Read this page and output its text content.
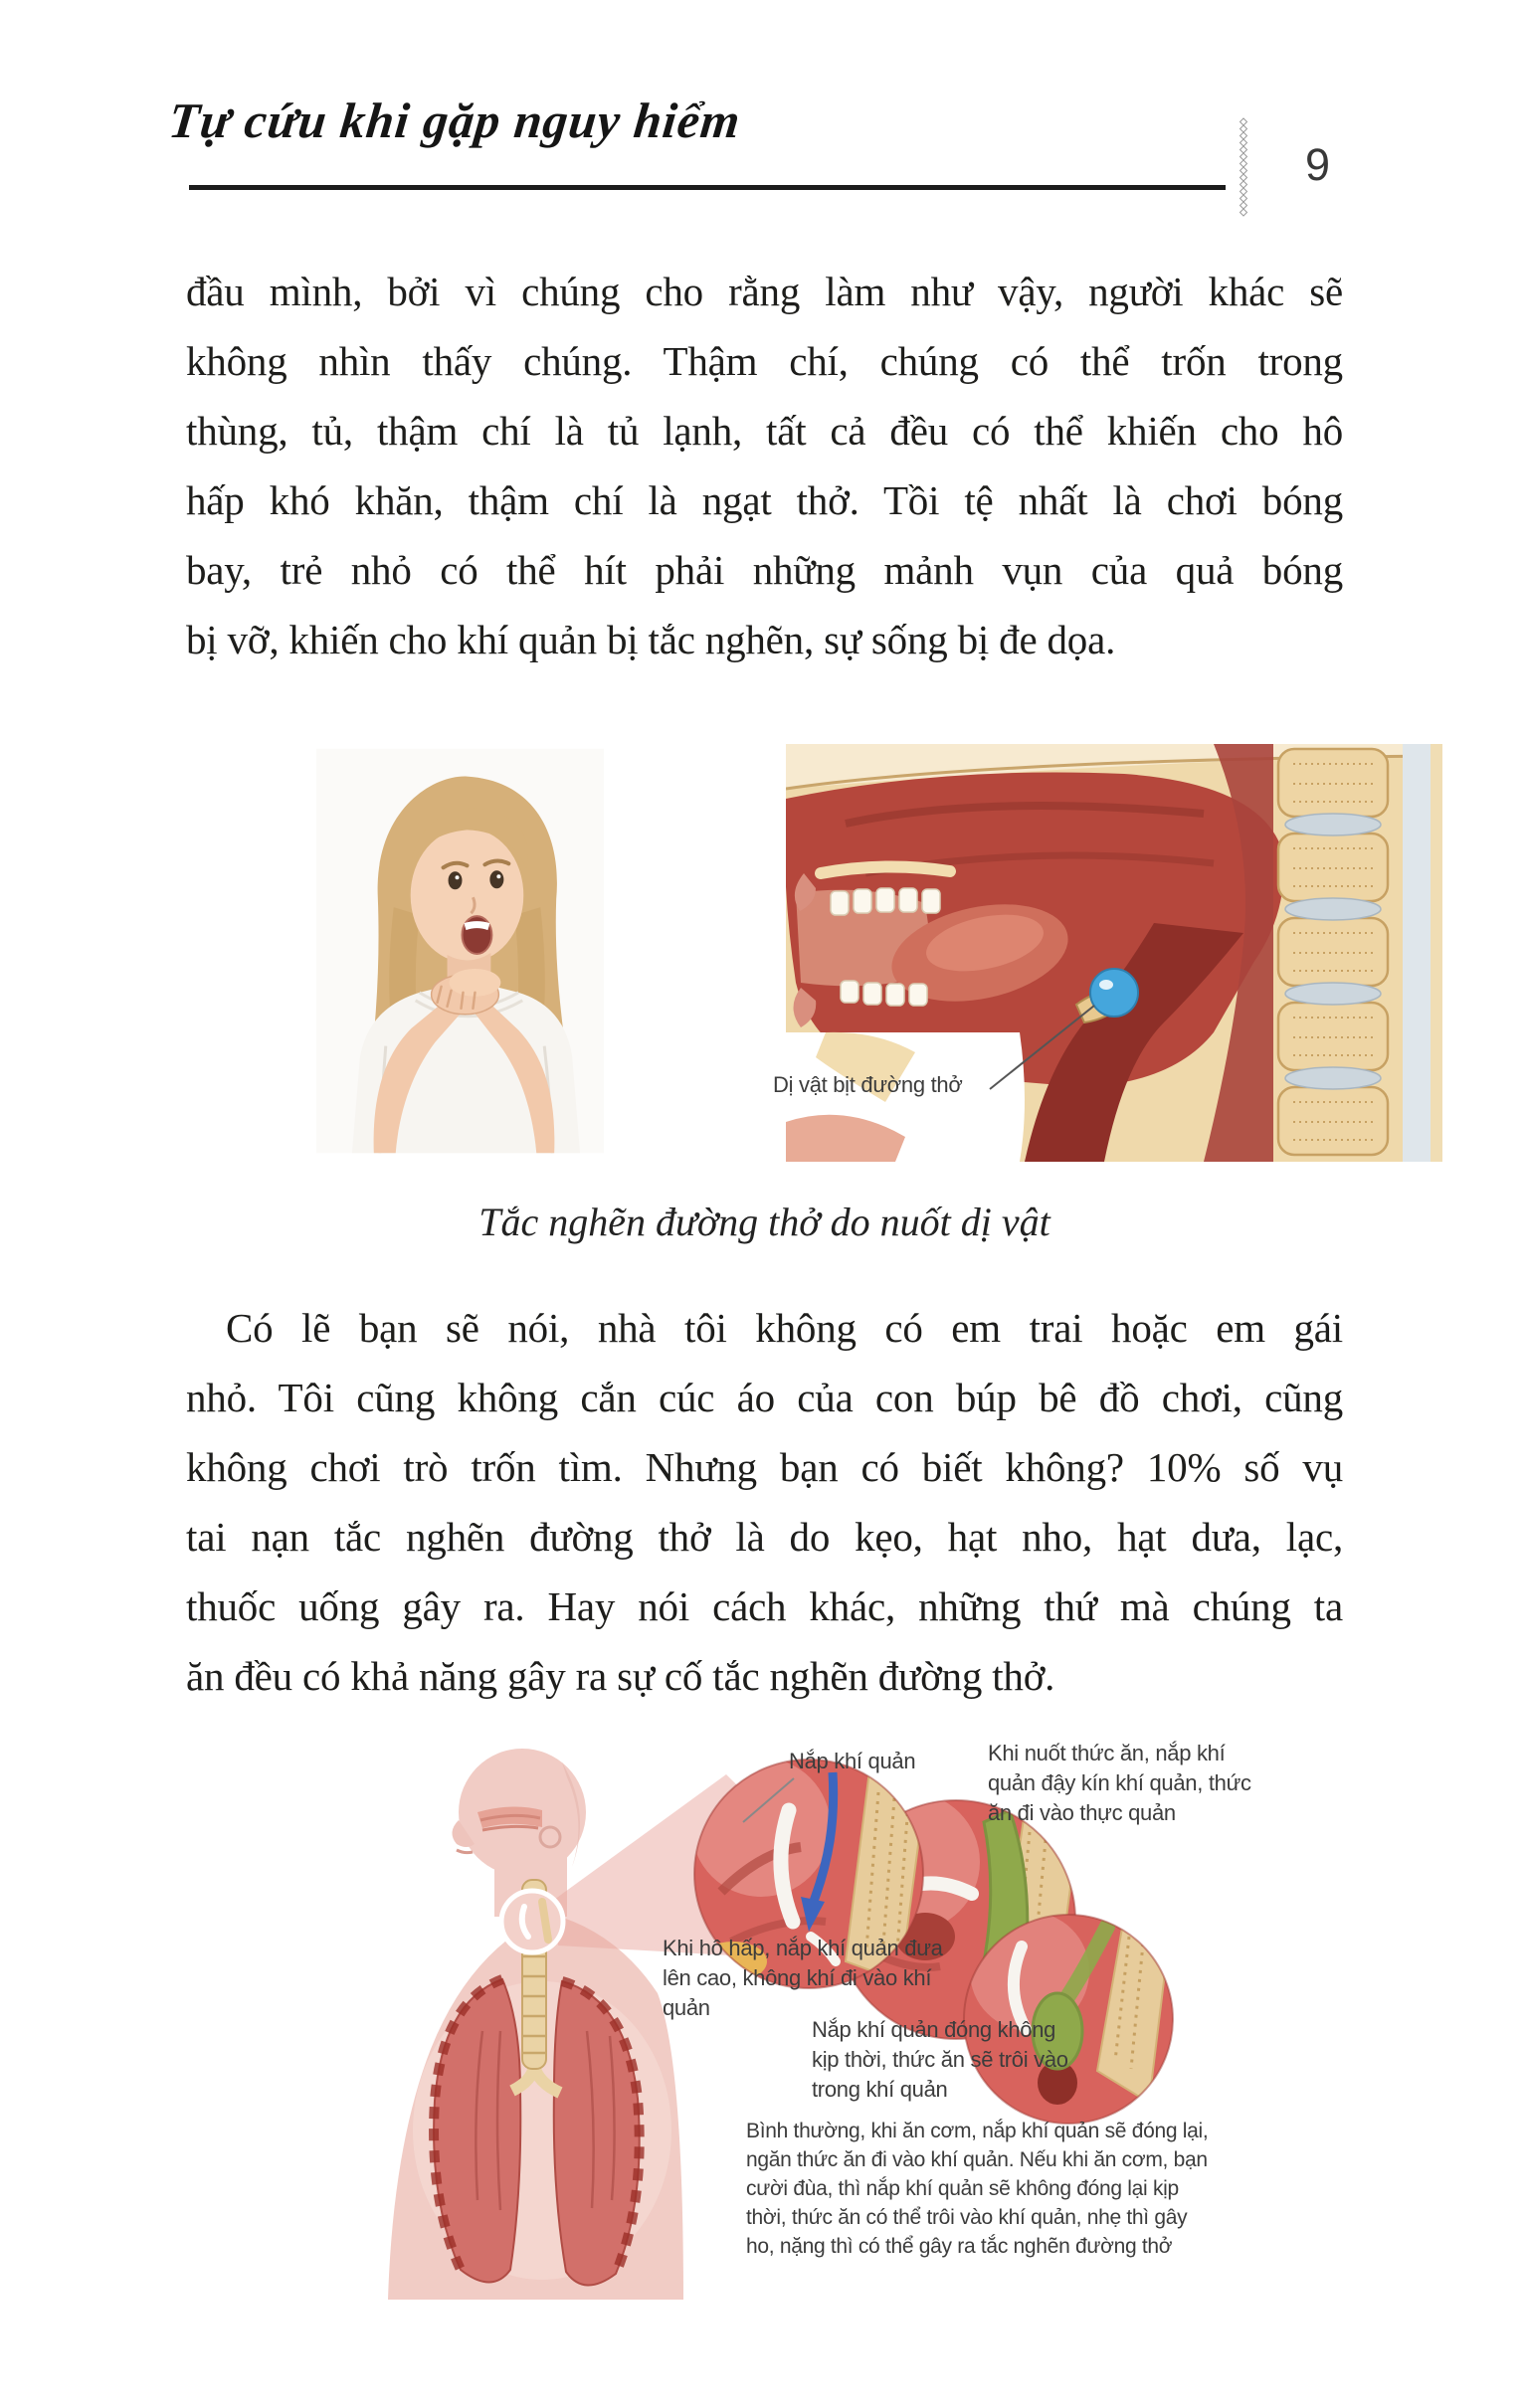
Tự cứu khi gặp nguy hiểm
9
đầu mình, bởi vì chúng cho rằng làm như vậy, người khác sẽ
không nhìn thấy chúng. Thậm chí, chúng có thể trốn trong
thùng, tủ, thậm chí là tủ lạnh, tất cả đều có thể khiến cho hô
hấp khó khăn, thậm chí là ngạt thở. Tồi tệ nhất là chơi bóng
bay, trẻ nhỏ có thể hít phải những mảnh vụn của quả bóng
bị vỡ, khiến cho khí quản bị tắc nghẽn, sự sống bị đe dọa.
Dị vật bịt đường thở
Tắc nghẽn đường thở do nuốt dị vật
Có lẽ bạn sẽ nói, nhà tôi không có em trai hoặc em gái
nhỏ. Tôi cũng không cắn cúc áo của con búp bê đồ chơi, cũng
không chơi trò trốn tìm. Nhưng bạn có biết không? 10% số vụ
tai nạn tắc nghẽn đường thở là do kẹo, hạt nho, hạt dưa, lạc,
thuốc uống gây ra. Hay nói cách khác, những thứ mà chúng ta
ăn đều có khả năng gây ra sự cố tắc nghẽn đường thở.
Nắp khí quản	Khi nuốt thức ăn, nắp khí quản đậy kín khí quản, thức ăn đi vào thực quản
Khi hô hấp, nắp khí quản đưa lên cao, không khí đi vào khí quản
Nắp khí quản đóng không kịp thời, thức ăn sẽ trôi vào trong khí quản
Bình thường, khi ăn cơm, nắp khí quản sẽ đóng lại, ngăn thức ăn đi vào khí quản. Nếu khi ăn cơm, bạn cười đùa, thì nắp khí quản sẽ không đóng lại kịp thời, thức ăn có thể trôi vào khí quản, nhẹ thì gây ho, nặng thì có thể gây ra tắc nghẽn đường thở
